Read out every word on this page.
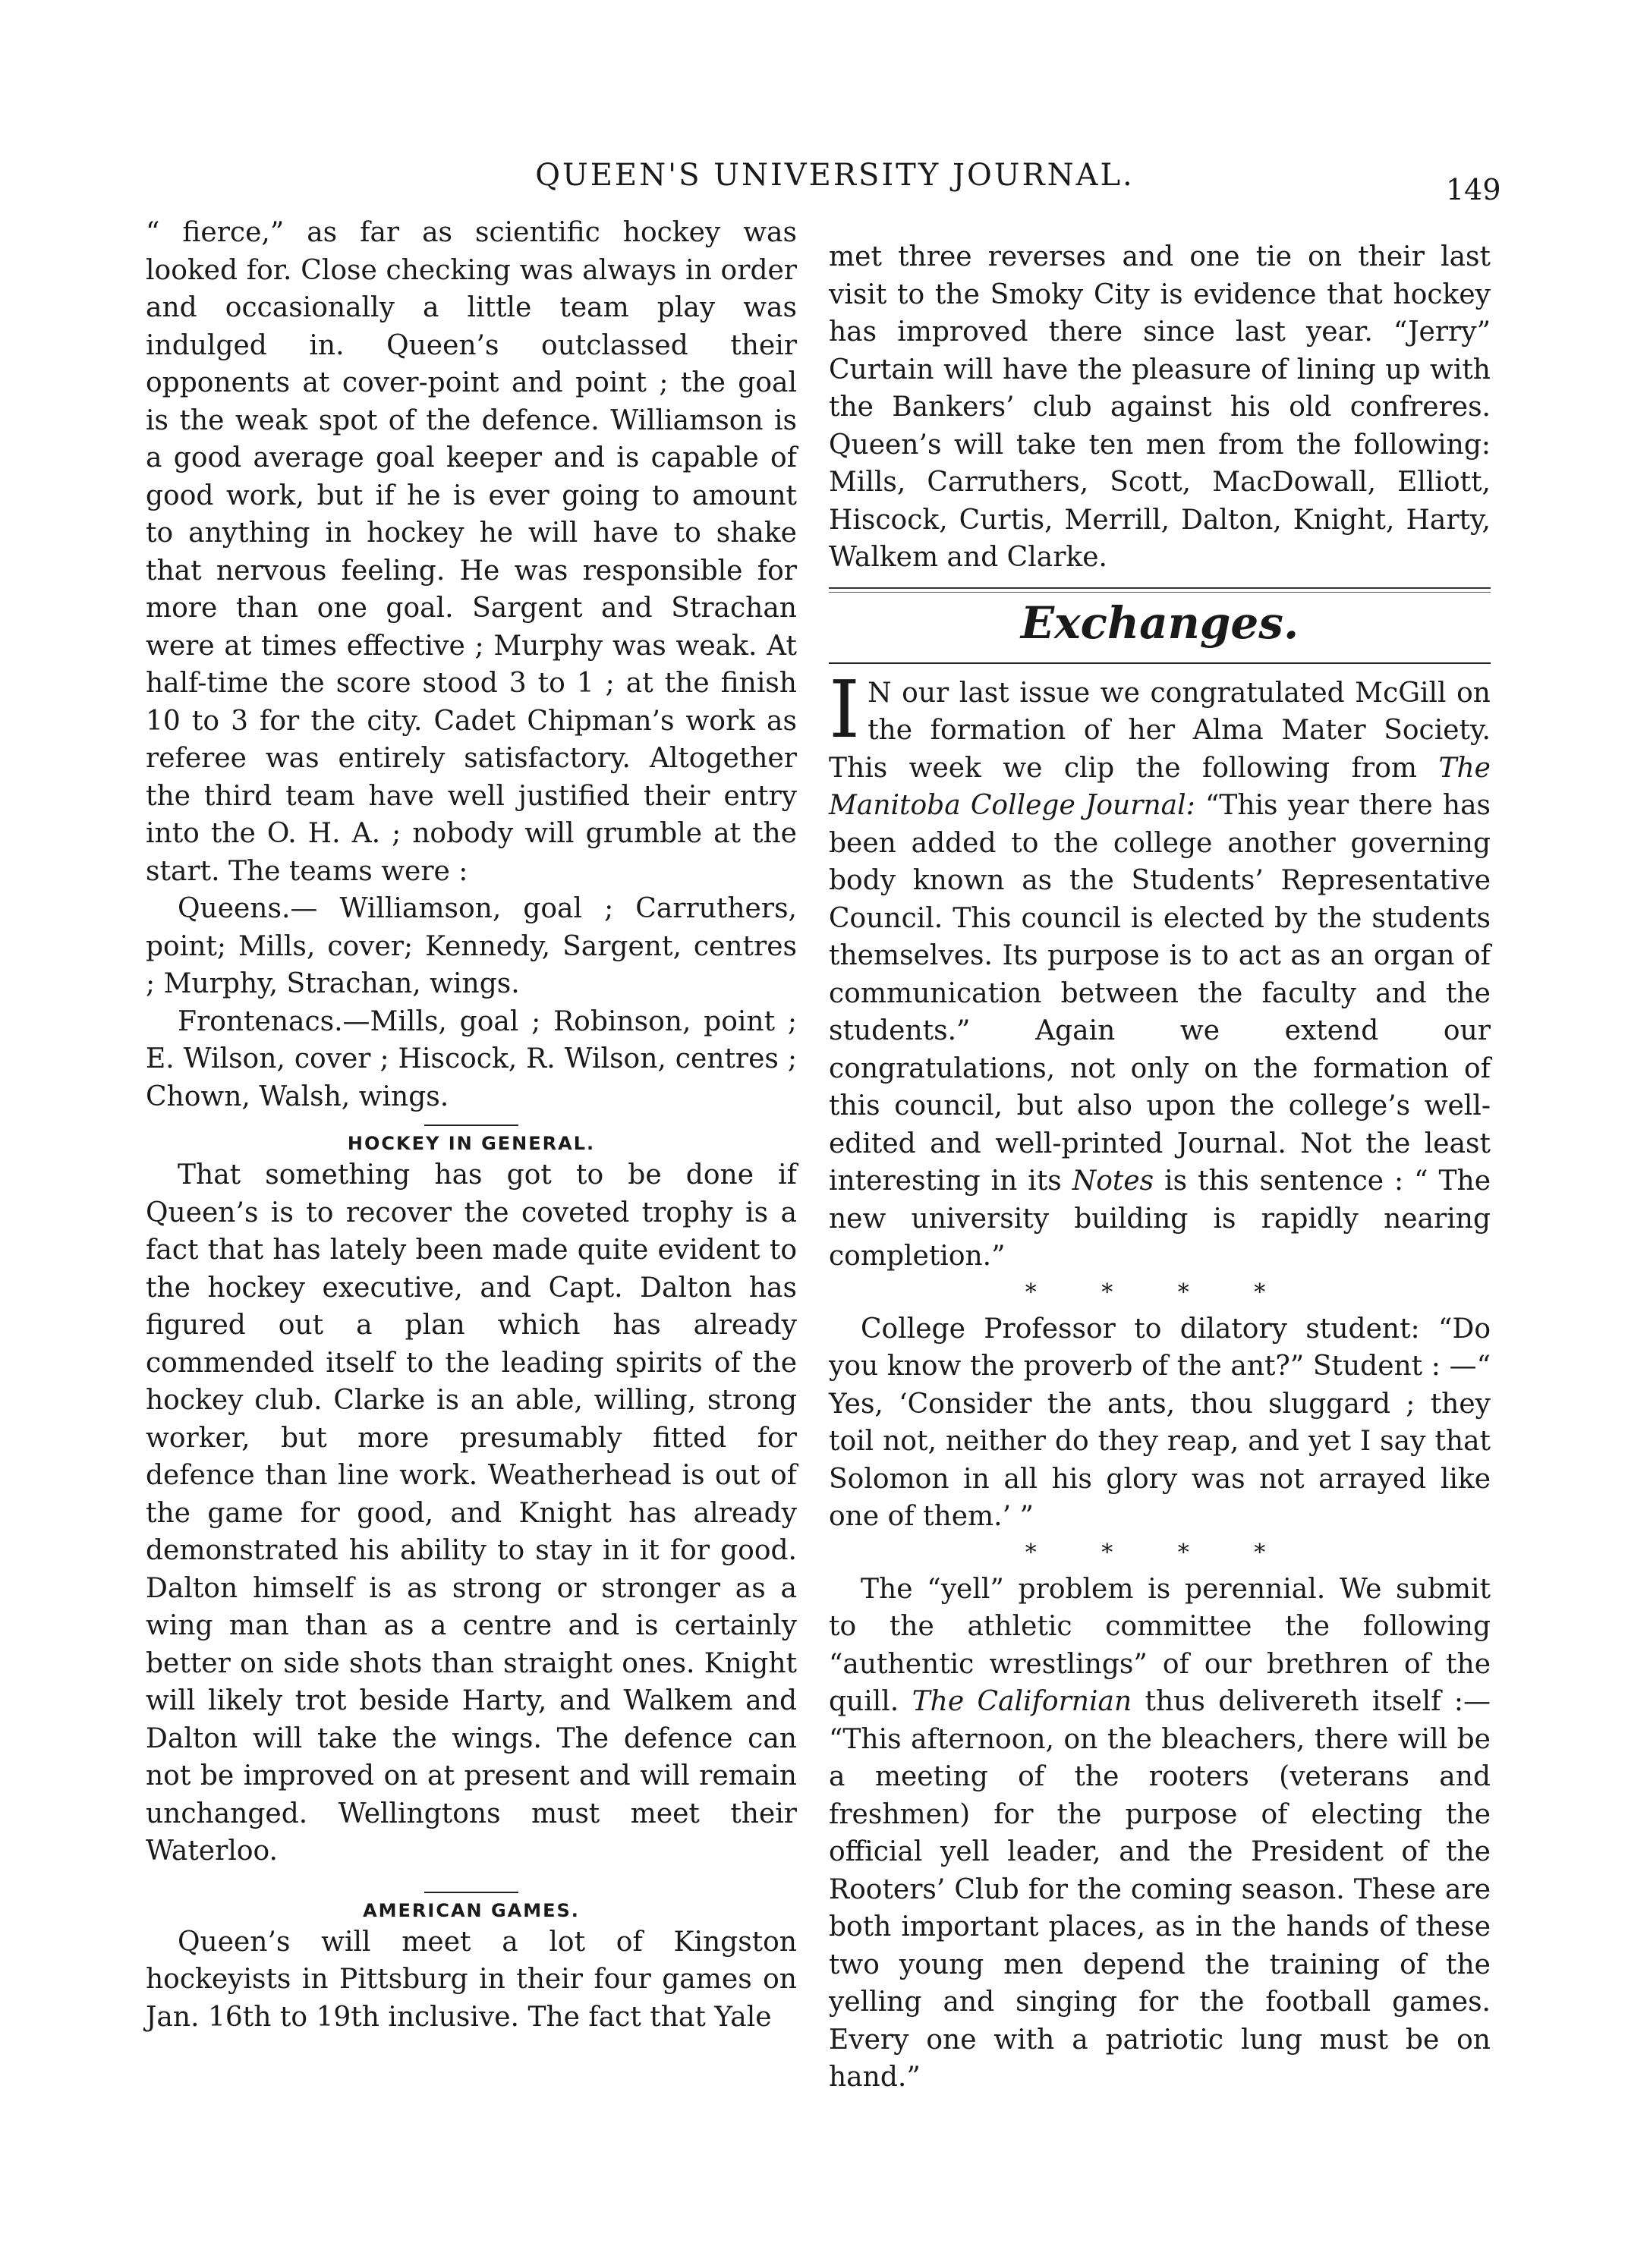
QUEEN'S UNIVERSITY JOURNAL.	149

“ fierce,” as far as scientific hockey was looked for. Close checking was always in order and occasionally a little team play was indulged in. Queen’s outclassed their opponents at cover-point and point ; the goal is the weak spot of the defence. Williamson is a good average goal keeper and is capable of good work, but if he is ever going to amount to anything in hockey he will have to shake that nervous feeling. He was responsible for more than one goal. Sargent and Strachan were at times effective ; Murphy was weak. At half-time the score stood 3 to 1 ; at the finish 10 to 3 for the city. Cadet Chipman’s work as referee was entirely satisfactory. Altogether the third team have well justified their entry into the O. H. A. ; nobody will grumble at the start. The teams were :

Queens.— Williamson, goal ; Carruthers, point; Mills, cover; Kennedy, Sargent, centres ; Murphy, Strachan, wings.

Frontenacs.—Mills, goal ; Robinson, point ; E. Wilson, cover ; Hiscock, R. Wilson, centres ; Chown, Walsh, wings.

HOCKEY IN GENERAL.

That something has got to be done if Queen’s is to recover the coveted trophy is a fact that has lately been made quite evident to the hockey executive, and Capt. Dalton has figured out a plan which has already commended itself to the leading spirits of the hockey club. Clarke is an able, willing, strong worker, but more presumably fitted for defence than line work. Weatherhead is out of the game for good, and Knight has already demonstrated his ability to stay in it for good. Dalton himself is as strong or stronger as a wing man than as a centre and is certainly better on side shots than straight ones. Knight will likely trot beside Harty, and Walkem and Dalton will take the wings. The defence can not be improved on at present and will remain unchanged. Wellingtons must meet their Waterloo.

AMERICAN GAMES.

Queen’s will meet a lot of Kingston hockeyists in Pittsburg in their four games on Jan. 16th to 19th inclusive. The fact that Yale

met three reverses and one tie on their last visit to the Smoky City is evidence that hockey has improved there since last year. “Jerry” Curtain will have the pleasure of lining up with the Bankers’ club against his old confreres. Queen’s will take ten men from the following: Mills, Carruthers, Scott, MacDowall, Elliott, Hiscock, Curtis, Merrill, Dalton, Knight, Harty, Walkem and Clarke.

Exchanges.

I N our last issue we congratulated McGill on the formation of her Alma Mater Society. This week we clip the following from The Manitoba College Journal: “This year there has been added to the college another governing body known as the Students’ Representative Council. This council is elected by the students themselves. Its purpose is to act as an organ of communication between the faculty and the students.” Again we extend our congratulations, not only on the formation of this council, but also upon the college’s well-edited and well-printed Journal. Not the least interesting in its Notes is this sentence : “ The new university building is rapidly nearing completion.”

* * * *

College Professor to dilatory student: “Do you know the proverb of the ant?” Student : —“ Yes, ‘Consider the ants, thou sluggard ; they toil not, neither do they reap, and yet I say that Solomon in all his glory was not arrayed like one of them.’ ”

* * * *

The “yell” problem is perennial. We submit to the athletic committee the following “authentic wrestlings” of our brethren of the quill. The Californian thus delivereth itself :— “This afternoon, on the bleachers, there will be a meeting of the rooters (veterans and freshmen) for the purpose of electing the official yell leader, and the President of the Rooters’ Club for the coming season. These are both important places, as in the hands of these two young men depend the training of the yelling and singing for the football games. Every one with a patriotic lung must be on hand.”
